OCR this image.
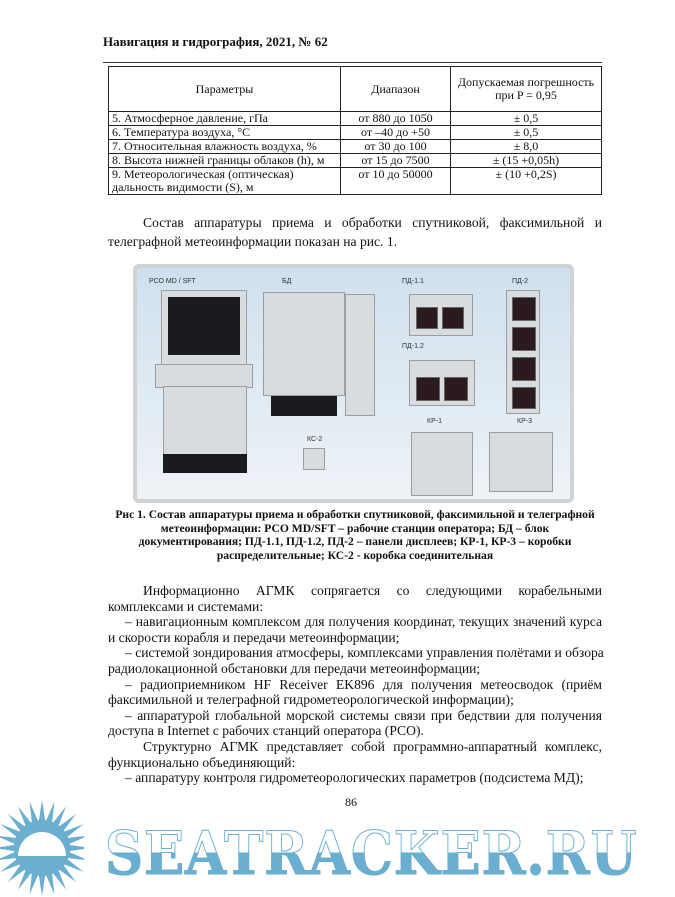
Навигация и гидрография, 2021, № 62
Параметры	Диапазон	Допускаемая погрешность при P = 0,95
5. Атмосферное давление, гПа	от 880 до 1050	± 0,5
6. Температура воздуха, °С	от –40 до +50	± 0,5
7. Относительная влажность воздуха, %	от 30 до 100	± 8,0
8. Высота нижней границы облаков (h), м	от 15 до 7500	± (15 +0,05h)
9. Метеорологическая (оптическая) дальность видимости (S), м	от 10 до 50000	± (10 +0,2S)
Состав аппаратуры приема и обработки спутниковой, факсимильной и
телеграфной метеоинформации показан на рис. 1.
РСО MD / SFT	БД	ПД-1.1
ПД-1.2
ПД-2
КС-2
КР-1	КР-3
Рис 1. Состав аппаратуры приема и обработки спутниковой, факсимильной и телеграфной метеоинформации: РСО MD/SFT – рабочие станции оператора; БД – блок документирования; ПД-1.1, ПД-1.2, ПД-2 – панели дисплеев; КР-1, КР-3 – коробки распределительные; КС-2 - коробка соединительная
Информационно АГМК сопрягается со следующими корабельными
комплексами и системами:
– навигационным комплексом для получения координат, текущих значений курса
и скорости корабля и передачи метеоинформации;
– системой зондирования атмосферы, комплексами управления полётами и обзора
радиолокационной обстановки для передачи метеоинформации;
– радиоприемником HF Receiver EK896 для получения метеосводок (приём
факсимильной и телеграфной гидрометеорологической информации);
– аппаратурой глобальной морской системы связи при бедствии для получения
доступа в Internet с рабочих станций оператора (РСО).
Структурно АГМК представляет собой программно-аппаратный комплекс,
функционально объединяющий:
– аппаратуру контроля гидрометеорологических параметров (подсистема МД);
86
SEATRACKER.RU
